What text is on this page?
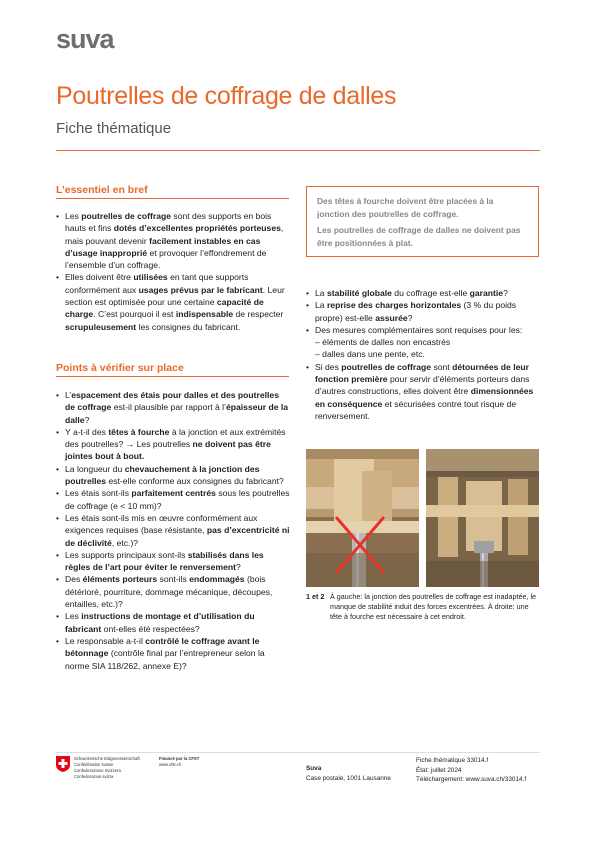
suva
Poutrelles de coffrage de dalles
Fiche thématique
L’essentiel en bref
• Les poutrelles de coffrage sont des supports en bois hauts et fins dotés d’excellentes propriétés porteuses, mais pouvant devenir facilement instables en cas d’usage inapproprié et provoquer l’effondrement de l’ensemble d’un coffrage.
• Elles doivent être utilisées en tant que supports conformément aux usages prévus par le fabricant. Leur section est optimisée pour une certaine capacité de charge. C’est pourquoi il est indispensable de respecter scrupuleusement les consignes du fabricant.
Points à vérifier sur place
• L’espacement des étais pour dalles et des poutrelles de coffrage est-il plausible par rapport à l’épaisseur de la dalle?
• Y a-t-il des têtes à fourche à la jonction et aux extrémités des poutrelles? → Les poutrelles ne doivent pas être jointes bout à bout.
• La longueur du chevauchement à la jonction des poutrelles est-elle conforme aux consignes du fabricant?
• Les étais sont-ils parfaitement centrés sous les poutrelles de coffrage (e < 10 mm)?
• Les étais sont-ils mis en œuvre conformément aux exigences requises (base résistante, pas d’excentricité ni de déclivité, etc.)?
• Les supports principaux sont-ils stabilisés dans les règles de l’art pour éviter le renversement?
• Des éléments porteurs sont-ils endommagés (bois détérioré, pourriture, dommage mécanique, découpes, entailles, etc.)?
• Les instructions de montage et d’utilisation du fabricant ont-elles été respectées?
• Le responsable a-t-il contrôlé le coffrage avant le bétonnage (contrôle final par l’entrepreneur selon la norme SIA 118/262, annexe E)?

Des têtes à fourche doivent être placées à la jonction des poutrelles de coffrage.

Les poutrelles de coffrage de dalles ne doivent pas être positionnées à plat.

• La stabilité globale du coffrage est-elle garantie?
• La reprise des charges horizontales (3 % du poids propre) est-elle assurée?
• Des mesures complémentaires sont requises pour les:
– éléments de dalles non encastrés
– dalles dans une pente, etc.
• Si des poutrelles de coffrage sont détournées de leur fonction première pour servir d’éléments porteurs dans d’autres constructions, elles doivent être dimensionnées en conséquence et sécurisées contre tout risque de renversement.
1 et 2 À gauche: la jonction des poutrelles de coffrage est inadaptée, le manque de stabilité induit des forces excentrées. À droite: une tête à fourche est nécessaire à cet endroit.
Schweizerische Eidgenossenschaft
Confédération suisse
Confederazione Svizzera
Confederaziun svizra
Financé par la CFST
www.cfst.ch
Suva
Case postale, 1001 Lausanne
Fiche thématique 33014.f
État: juillet 2024
Téléchargement: www.suva.ch/33014.f
